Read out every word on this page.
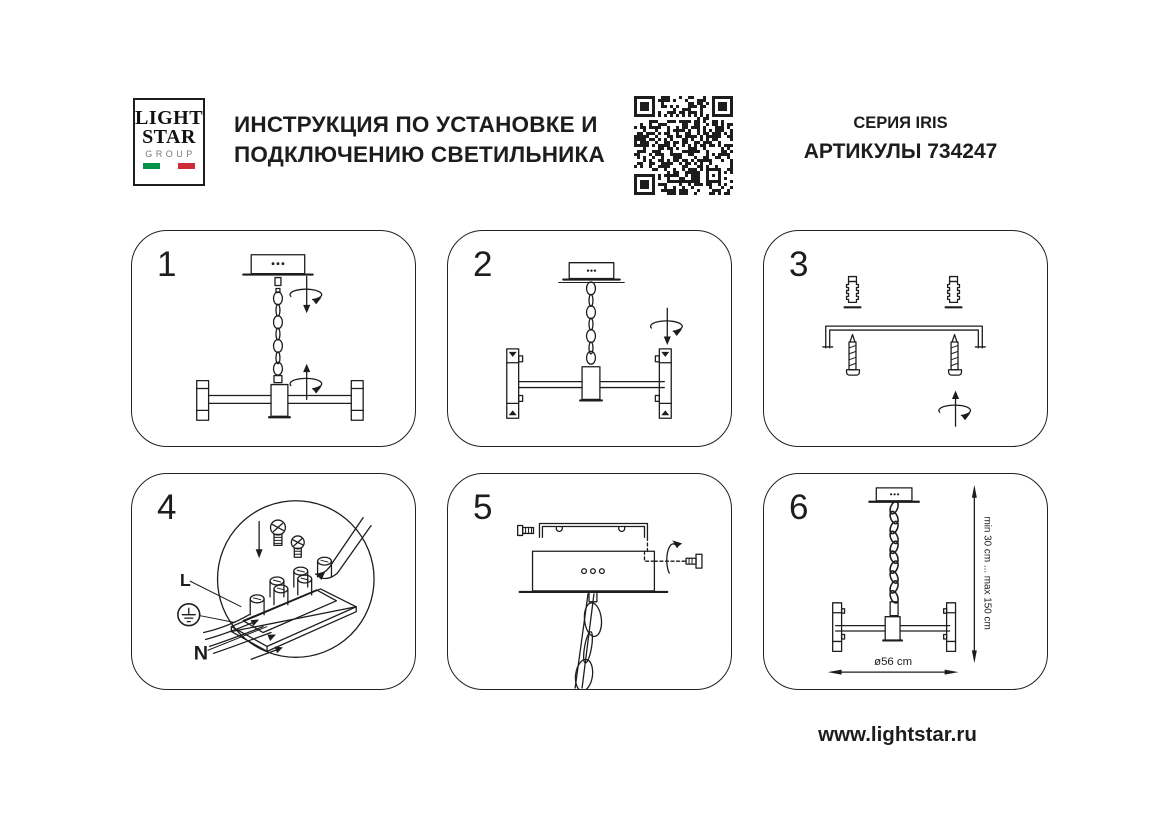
LIGHT
STAR
GROUP
ИНСТРУКЦИЯ ПО УСТАНОВКЕ И
ПОДКЛЮЧЕНИЮ СВЕТИЛЬНИКА
СЕРИЯ IRIS
АРТИКУЛЫ 734247
1	2	3
L
N
4	5
min 30 cm ... max 150 cm
ø56 cm
6
www.lightstar.ru
